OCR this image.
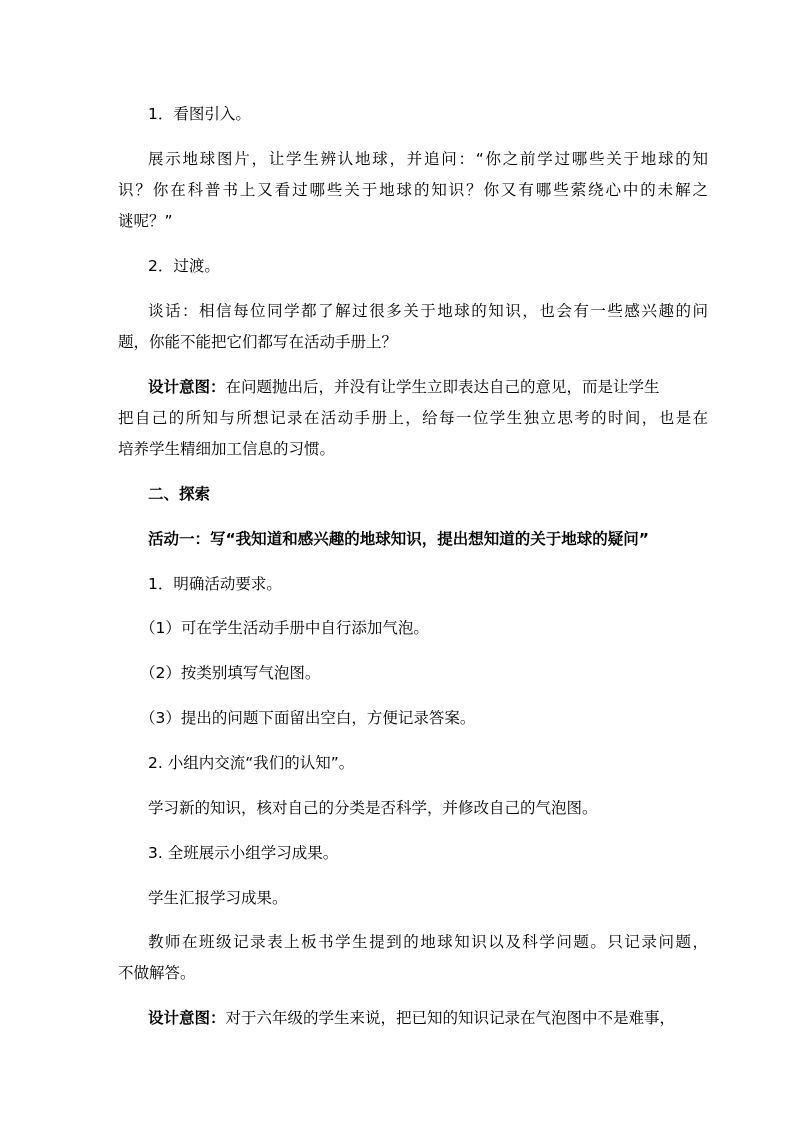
1．看图引入。
展示地球图片，让学生辨认地球，并追问：“你之前学过哪些关于地球的知
识？你在科普书上又看过哪些关于地球的知识？你又有哪些萦绕心中的未解之
谜呢？”
2．过渡。
谈话：相信每位同学都了解过很多关于地球的知识，也会有一些感兴趣的问
题，你能不能把它们都写在活动手册上？
设计意图：在问题抛出后，并没有让学生立即表达自己的意见，而是让学生
把自己的所知与所想记录在活动手册上，给每一位学生独立思考的时间，也是在
培养学生精细加工信息的习惯。
二、探索
活动一：写“我知道和感兴趣的地球知识，提出想知道的关于地球的疑问”
1．明确活动要求。
（1）可在学生活动手册中自行添加气泡。
（2）按类别填写气泡图。
（3）提出的问题下面留出空白，方便记录答案。
2. 小组内交流“我们的认知”。
学习新的知识，核对自己的分类是否科学，并修改自己的气泡图。
3. 全班展示小组学习成果。
学生汇报学习成果。
教师在班级记录表上板书学生提到的地球知识以及科学问题。只记录问题，
不做解答。
设计意图：对于六年级的学生来说，把已知的知识记录在气泡图中不是难事，
